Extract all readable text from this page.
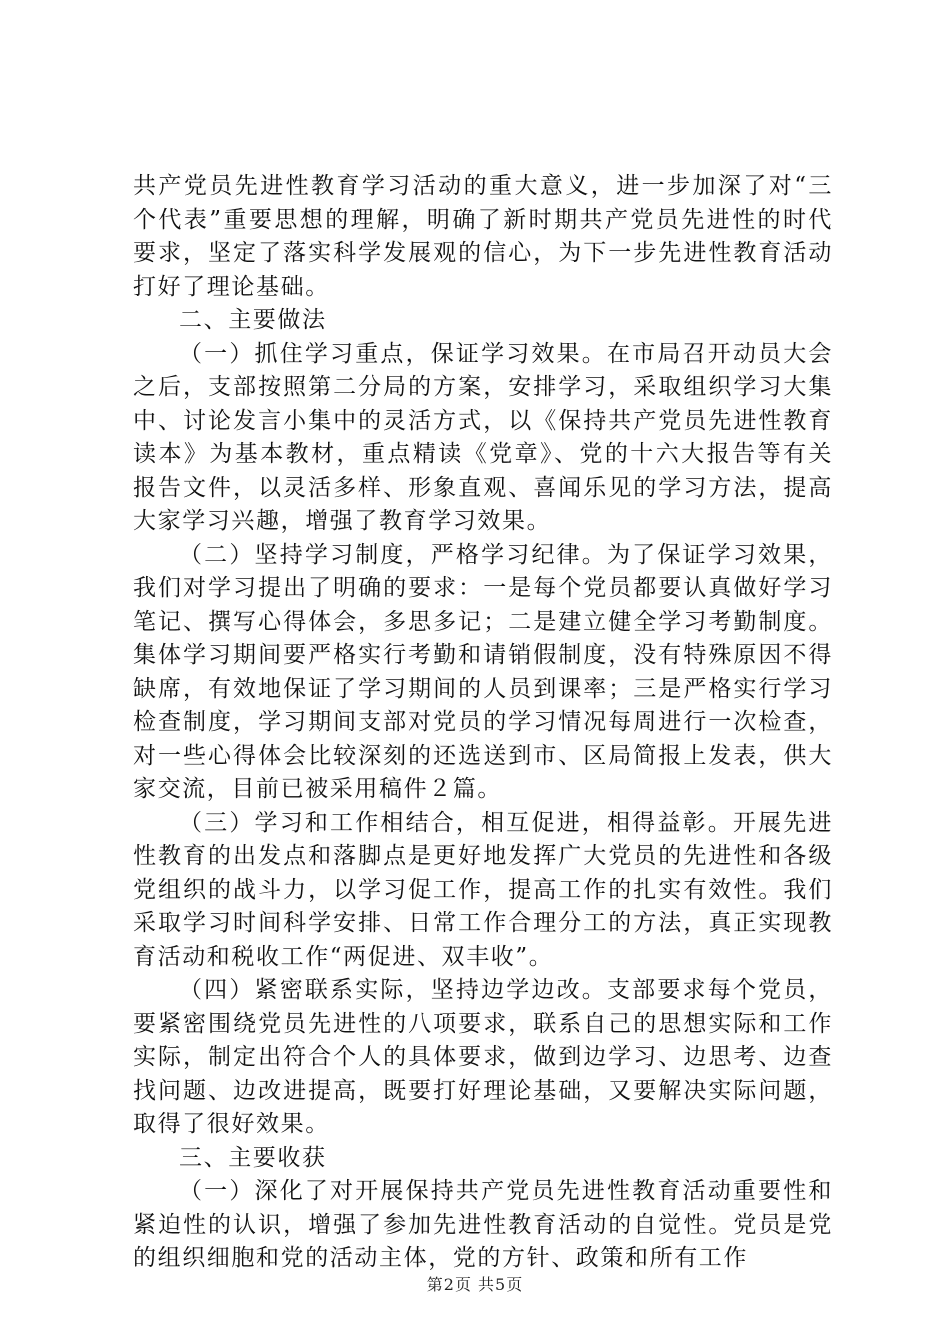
共产党员先进性教育学习活动的重大意义，进一步加深了对“三个代表”重要思想的理解，明确了新时期共产党员先进性的时代要求，坚定了落实科学发展观的信心，为下一步先进性教育活动打好了理论基础。

二、主要做法

（一）抓住学习重点，保证学习效果。在市局召开动员大会之后，支部按照第二分局的方案，安排学习，采取组织学习大集中、讨论发言小集中的灵活方式，以《保持共产党员先进性教育读本》为基本教材，重点精读《党章》、党的十六大报告等有关报告文件，以灵活多样、形象直观、喜闻乐见的学习方法，提高大家学习兴趣，增强了教育学习效果。

（二）坚持学习制度，严格学习纪律。为了保证学习效果，我们对学习提出了明确的要求：一是每个党员都要认真做好学习笔记、撰写心得体会，多思多记；二是建立健全学习考勤制度。集体学习期间要严格实行考勤和请销假制度，没有特殊原因不得缺席，有效地保证了学习期间的人员到课率；三是严格实行学习检查制度，学习期间支部对党员的学习情况每周进行一次检查，对一些心得体会比较深刻的还选送到市、区局简报上发表，供大家交流，目前已被采用稿件２篇。

（三）学习和工作相结合，相互促进，相得益彰。开展先进性教育的出发点和落脚点是更好地发挥广大党员的先进性和各级党组织的战斗力，以学习促工作，提高工作的扎实有效性。我们采取学习时间科学安排、日常工作合理分工的方法，真正实现教育活动和税收工作“两促进、双丰收”。

（四）紧密联系实际，坚持边学边改。支部要求每个党员，要紧密围绕党员先进性的八项要求，联系自己的思想实际和工作实际，制定出符合个人的具体要求，做到边学习、边思考、边查找问题、边改进提高，既要打好理论基础，又要解决实际问题，取得了很好效果。

三、主要收获

（一）深化了对开展保持共产党员先进性教育活动重要性和紧迫性的认识，增强了参加先进性教育活动的自觉性。党员是党的组织细胞和党的活动主体，党的方针、政策和所有工作

第2页 共5页
